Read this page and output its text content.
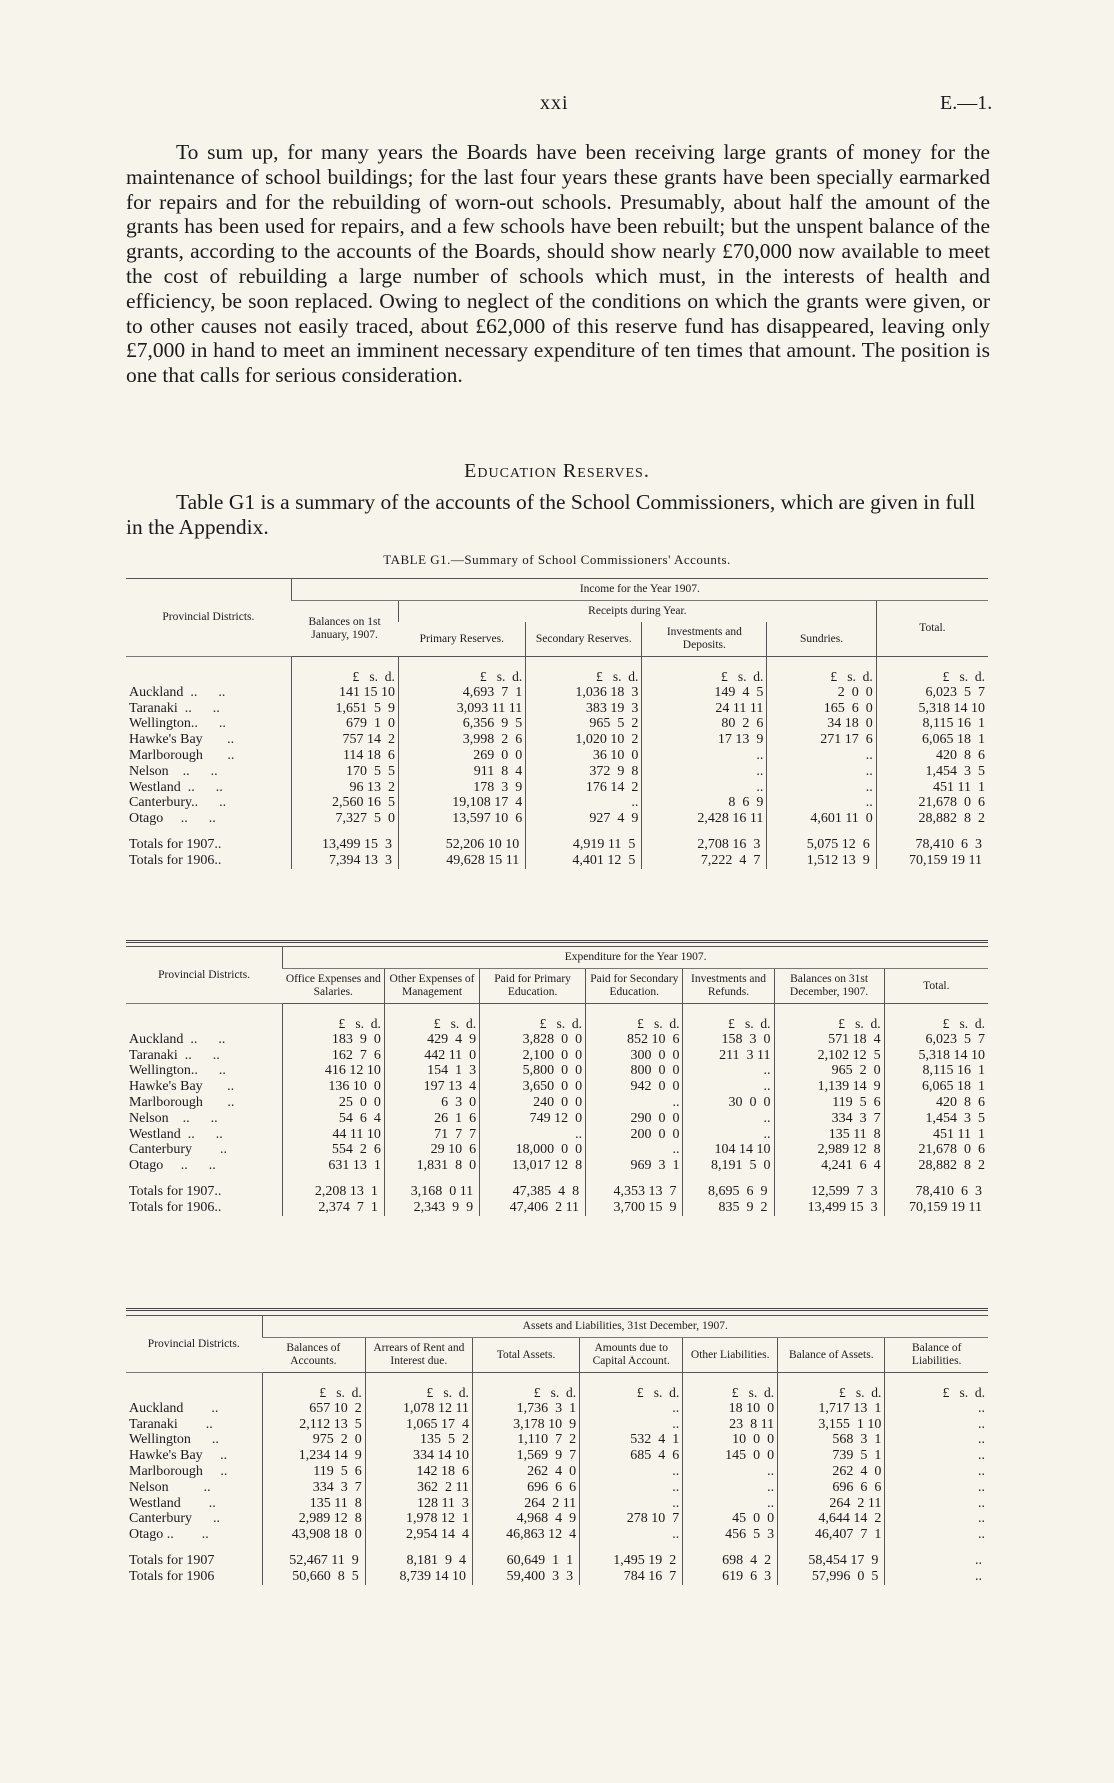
xxi	E.—1.

To sum up, for many years the Boards have been receiving large grants of money for the maintenance of school buildings; for the last four years these grants have been specially earmarked for repairs and for the rebuilding of worn-out schools. Presumably, about half the amount of the grants has been used for repairs, and a few schools have been rebuilt; but the unspent balance of the grants, according to the accounts of the Boards, should show nearly £70,000 now available to meet the cost of rebuilding a large number of schools which must, in the interests of health and efficiency, be soon replaced. Owing to neglect of the conditions on which the grants were given, or to other causes not easily traced, about £62,000 of this reserve fund has disappeared, leaving only £7,000 in hand to meet an imminent necessary expenditure of ten times that amount. The position is one that calls for serious consideration.

Education Reserves.

Table G1 is a summary of the accounts of the School Commissioners, which are given in full in the Appendix.

TABLE G1.—Summary of School Commissioners' Accounts.
Provincial Districts.	Income for the Year 1907.					
	Balances on 1st January, 1907.	Receipts during Year.				Total.
		Primary Reserves.	Secondary Reserves.	Investments and Deposits.	Sundries.	
	£   s.  d.	£   s.  d.	£   s.  d.	£   s.  d.	£   s.  d.	£   s.  d.
Auckland  ..      ..	141 15 10	4,693  7  1	1,036 18  3	149  4  5	2  0  0	6,023  5  7
Taranaki  ..      ..	1,651  5  9	3,093 11 11	383 19  3	24 11 11	165  6  0	5,318 14 10
Wellington..      ..	679  1  0	6,356  9  5	965  5  2	80  2  6	34 18  0	8,115 16  1
Hawke's Bay       ..	757 14  2	3,998  2  6	1,020 10  2	17 13  9	271 17  6	6,065 18  1
Marlborough       ..	114 18  6	269  0  0	36 10  0	..	..	420  8  6
Nelson    ..      ..	170  5  5	911  8  4	372  9  8	..	..	1,454  3  5
Westland  ..      ..	96 13  2	178  3  9	176 14  2	..	..	451 11  1
Canterbury..      ..	2,560 16  5	19,108 17  4	..	8  6  9	..	21,678  0  6
Otago     ..      ..	7,327  5  0	13,597 10  6	927  4  9	2,428 16 11	4,601 11  0	28,882  8  2

Totals for 1907..	13,499 15  3	52,206 10 10	4,919 11  5	2,708 16  3	5,075 12  6	78,410  6  3
Totals for 1906..	7,394 13  3	49,628 15 11	4,401 12  5	7,222  4  7	1,512 13  9	70,159 19 11
Provincial Districts.	Expenditure for the Year 1907.						
	Office Expenses and Salaries.	Other Expenses of Management	Paid for Primary Education.	Paid for Secondary Education.	Investments and Refunds.	Balances on 31st December, 1907.	Total.
	£   s.  d.	£   s.  d.	£   s.  d.	£   s.  d.	£   s.  d.	£   s.  d.	£   s.  d.
Auckland  ..      ..	183  9  0	429  4  9	3,828  0  0	852 10  6	158  3  0	571 18  4	6,023  5  7
Taranaki  ..      ..	162  7  6	442 11  0	2,100  0  0	300  0  0	211  3 11	2,102 12  5	5,318 14 10
Wellington..      ..	416 12 10	154  1  3	5,800  0  0	800  0  0	..	965  2  0	8,115 16  1
Hawke's Bay       ..	136 10  0	197 13  4	3,650  0  0	942  0  0	..	1,139 14  9	6,065 18  1
Marlborough       ..	25  0  0	6  3  0	240  0  0	..	30  0  0	119  5  6	420  8  6
Nelson    ..      ..	54  6  4	26  1  6	749 12  0	290  0  0	..	334  3  7	1,454  3  5
Westland  ..      ..	44 11 10	71  7  7	..	200  0  0	..	135 11  8	451 11  1
Canterbury        ..	554  2  6	29 10  6	18,000  0  0	..	104 14 10	2,989 12  8	21,678  0  6
Otago     ..      ..	631 13  1	1,831  8  0	13,017 12  8	969  3  1	8,191  5  0	4,241  6  4	28,882  8  2

Totals for 1907..	2,208 13  1	3,168  0 11	47,385  4  8	4,353 13  7	8,695  6  9	12,599  7  3	78,410  6  3
Totals for 1906..	2,374  7  1	2,343  9  9	47,406  2 11	3,700 15  9	835  9  2	13,499 15  3	70,159 19 11
Provincial Districts.	Assets and Liabilities, 31st December, 1907.						
	Balances of Accounts.	Arrears of Rent and Interest due.	Total Assets.	Amounts due to Capital Account.	Other Liabilities.	Balance of Assets.	Balance of Liabilities.
	£   s.  d.	£   s.  d.	£   s.  d.	£   s.  d.	£   s.  d.	£   s.  d.	£   s.  d.
Auckland        ..	657 10  2	1,078 12 11	1,736  3  1	..	18 10  0	1,717 13  1	..
Taranaki        ..	2,112 13  5	1,065 17  4	3,178 10  9	..	23  8 11	3,155  1 10	..
Wellington      ..	975  2  0	135  5  2	1,110  7  2	532  4  1	10  0  0	568  3  1	..
Hawke's Bay     ..	1,234 14  9	334 14 10	1,569  9  7	685  4  6	145  0  0	739  5  1	..
Marlborough     ..	119  5  6	142 18  6	262  4  0	..	..	262  4  0	..
Nelson          ..	334  3  7	362  2 11	696  6  6	..	..	696  6  6	..
Westland        ..	135 11  8	128 11  3	264  2 11	..	..	264  2 11	..
Canterbury      ..	2,989 12  8	1,978 12  1	4,968  4  9	278 10  7	45  0  0	4,644 14  2	..
Otago ..        ..	43,908 18  0	2,954 14  4	46,863 12  4	..	456  5  3	46,407  7  1	..

Totals for 1907	52,467 11  9	8,181  9  4	60,649  1  1	1,495 19  2	698  4  2	58,454 17  9	..
Totals for 1906	50,660  8  5	8,739 14 10	59,400  3  3	784 16  7	619  6  3	57,996  0  5	..
